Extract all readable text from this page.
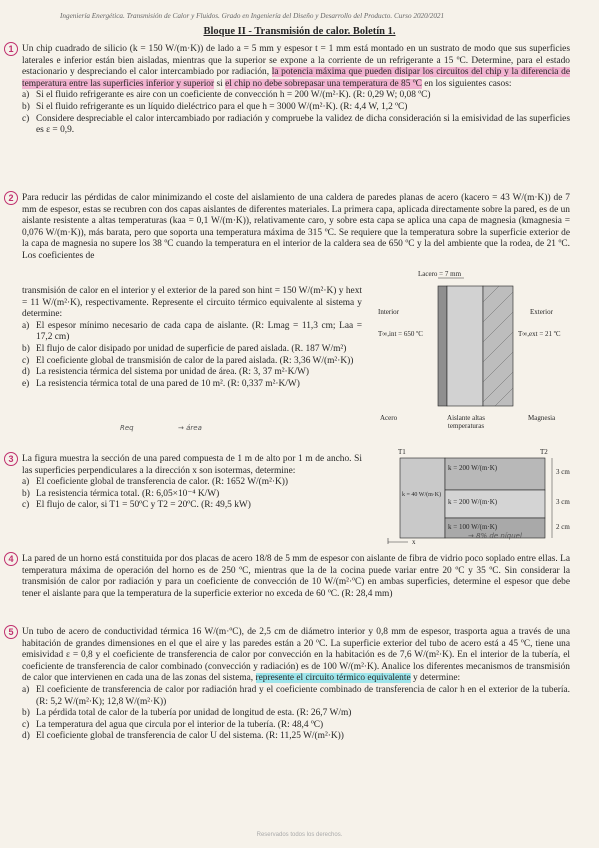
Ingeniería Energética. Transmisión de Calor y Fluidos. Grado en Ingeniería del Diseño y Desarrollo del Producto. Curso 2020/2021
Bloque II - Transmisión de calor. Boletín 1.
1 Un chip cuadrado de silicio (k = 150 W/(m·K)) de lado a = 5 mm y espesor t = 1 mm está montado en un sustrato de modo que sus superficies laterales e inferior están bien aisladas, mientras que la superior se expone a la corriente de un refrigerante a 15 ºC. Determine, para el estado estacionario y despreciando el calor intercambiado por radiación, la potencia máxima que pueden disipar los circuitos del chip y la diferencia de temperatura entre las superficies inferior y superior si el chip no debe sobrepasar una temperatura de 85 ºC en los siguientes casos:

a) Si el fluido refrigerante es aire con un coeficiente de convección h = 200 W/(m²·K). (R: 0,29 W; 0,08 ºC)
b) Si el fluido refrigerante es un líquido dieléctrico para el que h = 3000 W/(m²·K). (R: 4,4 W, 1,2 ºC)
c) Considere despreciable el calor intercambiado por radiación y compruebe la validez de dicha consideración si la emisividad de las superficies es ε = 0,9.
2 Para reducir las pérdidas de calor minimizando el coste del aislamiento de una caldera de paredes planas de acero (kacero = 43 W/(m·K)) de 7 mm de espesor, estas se recubren con dos capas aislantes de diferentes materiales. La primera capa, aplicada directamente sobre la pared, es de un aislante resistente a altas temperaturas (kaa = 0,1 W/(m·K)), relativamente caro, y sobre esta capa se aplica una capa de magnesia (kmagnesia = 0,076 W/(m·K)), más barata, pero que soporta una temperatura máxima de 315 ºC. Se requiere que la temperatura sobre la superficie exterior de la capa de magnesia no supere los 38 ºC cuando la temperatura en el interior de la caldera sea de 650 ºC y la del ambiente que la rodea, de 21 ºC. Los coeficientes de

transmisión de calor en el interior y el exterior de la pared son hint = 150 W/(m²·K) y hext = 11 W/(m²·K), respectivamente. Represente el circuito térmico equivalente al sistema y determine:

a) El espesor mínimo necesario de cada capa de aislante. (R: Lmag = 11,3 cm; Laa = 17,2 cm)
b) El flujo de calor disipado por unidad de superficie de pared aislada. (R. 187 W/m²)
c) El coeficiente global de transmisión de calor de la pared aislada. (R: 3,36 W/(m²·K))
d) La resistencia térmica del sistema por unidad de área. (R: 3, 37 m²·K/W)
e) La resistencia térmica total de una pared de 10 m². (R: 0,337 m²·K/W)
Lacero = 7 mm
Interior	Exterior
T∞,int = 650 ºC	T∞,ext = 21 ºC
Acero	Aislante altas temperaturas
Magnesia
3 La figura muestra la sección de una pared compuesta de 1 m de alto por 1 m de ancho. Si las superficies perpendiculares a la dirección x son isotermas, determine:

a) El coeficiente global de transferencia de calor. (R: 1652 W/(m²·K))
b) La resistencia térmica total. (R: 6,05×10⁻⁴ K/W)
c) El flujo de calor, si T1 = 50ºC y T2 = 20ºC. (R: 49,5 kW)
T1	T2
k = 200 W/(m·K)
k = 40 W/(m·K)
k = 200 W/(m·K)
k = 100 W/(m·K)
3 cm
3 cm
2 cm
x
→ 8% de níquel
Req	→ área
4 La pared de un horno está constituida por dos placas de acero 18/8 de 5 mm de espesor con aislante de fibra de vidrio poco soplado entre ellas. La temperatura máxima de operación del horno es de 250 ºC, mientras que la de la cocina puede variar entre 20 ºC y 35 ºC. Sin considerar la transmisión de calor por radiación y para un coeficiente de convección de 10 W/(m²·ºC) en ambas superficies, determine el espesor que debe tener el aislante para que la temperatura de la superficie exterior no exceda de 60 ºC. (R: 28,4 mm)

5 Un tubo de acero de conductividad térmica 16 W/(m·ºC), de 2,5 cm de diámetro interior y 0,8 mm de espesor, trasporta agua a través de una habitación de grandes dimensiones en el que el aire y las paredes están a 20 ºC. La superficie exterior del tubo de acero está a 45 ºC, tiene una emisividad ε = 0,8 y el coeficiente de transferencia de calor por convección en la habitación es de 7,6 W/(m²·K). En el interior de la tubería, el coeficiente de transferencia de calor combinado (convección y radiación) es de 100 W/(m²·K). Analice los diferentes mecanismos de transmisión de calor que intervienen en cada una de las zonas del sistema, represente el circuito térmico equivalente y determine:

a) El coeficiente de transferencia de calor por radiación hrad y el coeficiente combinado de transferencia de calor h en el exterior de la tubería. (R: 5,2 W/(m²·K); 12,8 W/(m²·K))
b) La pérdida total de calor de la tubería por unidad de longitud de esta. (R: 26,7 W/m)
c) La temperatura del agua que circula por el interior de la tubería. (R: 48,4 ºC)
d) El coeficiente global de transferencia de calor U del sistema. (R: 11,25 W/(m²·K))
Reservados todos los derechos.
